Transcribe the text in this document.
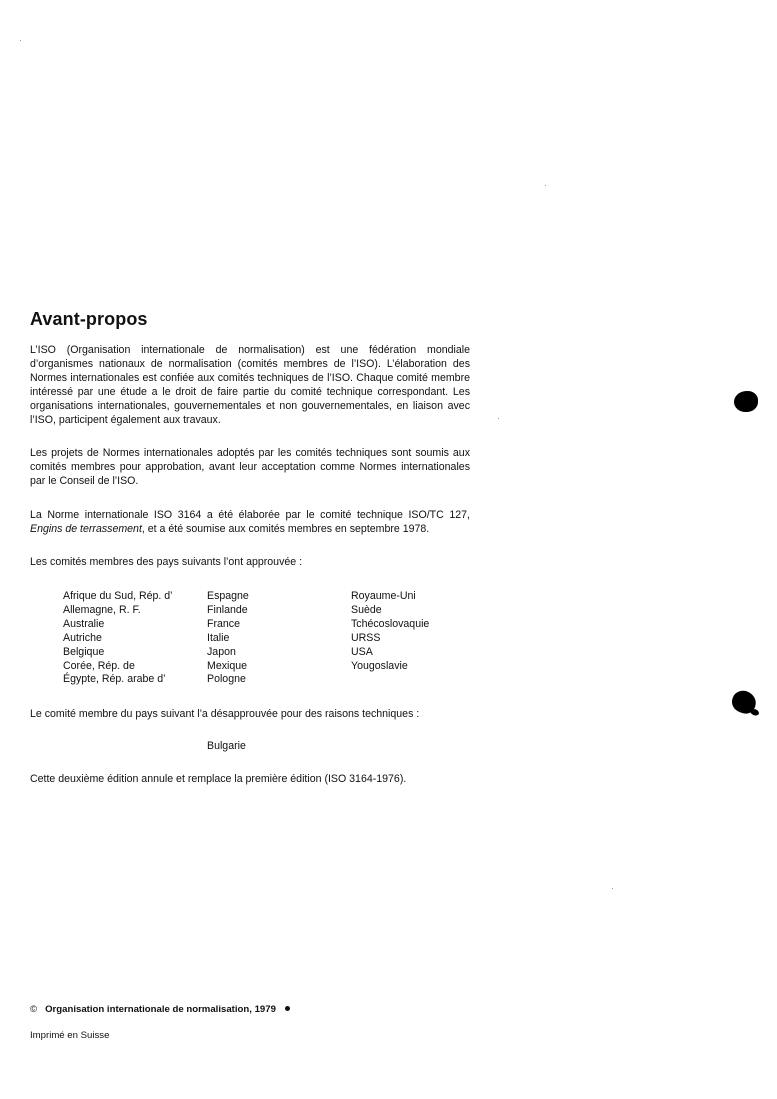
Avant-propos

L’ISO (Organisation internationale de normalisation) est une fédération mondiale d’organismes nationaux de normalisation (comités membres de l’ISO). L’élaboration des Normes internationales est confiée aux comités techniques de l’ISO. Chaque comité membre intéressé par une étude a le droit de faire partie du comité technique correspondant. Les organisations internationales, gouvernementales et non gouvernementales, en liaison avec l’ISO, participent également aux travaux.

Les projets de Normes internationales adoptés par les comités techniques sont soumis aux comités membres pour approbation, avant leur acceptation comme Normes internationales par le Conseil de l’ISO.

La Norme internationale ISO 3164 a été élaborée par le comité technique ISO/TC 127, Engins de terrassement, et a été soumise aux comités membres en septembre 1978.

Les comités membres des pays suivants l’ont approuvée :

Afrique du Sud, Rép. d’
Allemagne, R. F.
Australie
Autriche
Belgique
Corée, Rép. de
Égypte, Rép. arabe d’
Espagne
Finlande
France
Italie
Japon
Mexique
Pologne
Royaume-Uni
Suède
Tchécoslovaquie
URSS
USA
Yougoslavie

Le comité membre du pays suivant l’a désapprouvée pour des raisons techniques :

Bulgarie

Cette deuxième édition annule et remplace la première édition (ISO 3164-1976).

© Organisation internationale de normalisation, 1979

Imprimé en Suisse
